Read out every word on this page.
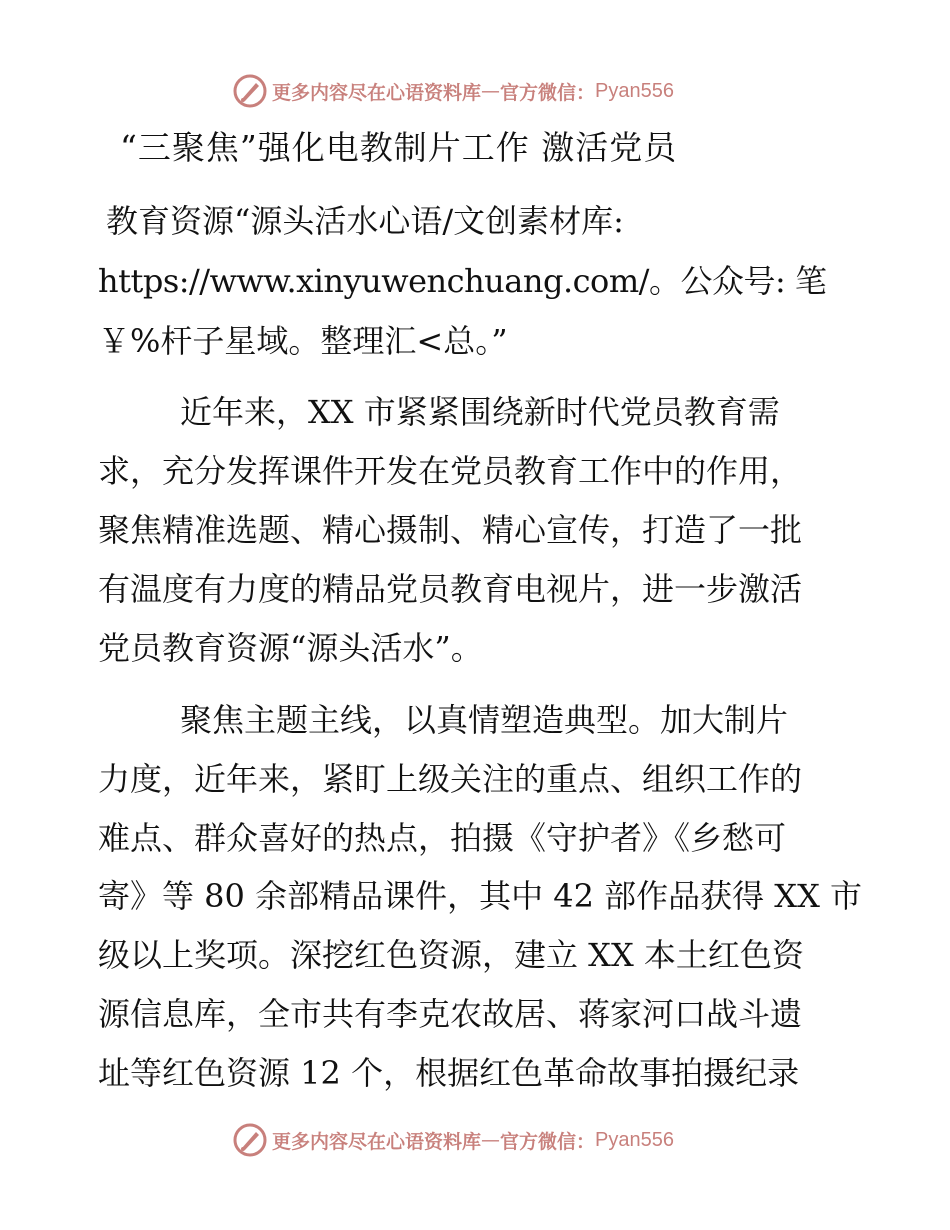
更多内容尽在心语资料库 — 官方微信： Pyan556
“三聚焦”强化电教制片工作 激活党员
教育资源“源头活水心语/文创素材库:
https://www.xinyuwenchuang.com/。公众号: 笔
￥%杆子星域。整理汇<总。”
近年来，XX 市紧紧围绕新时代党员教育需
求，充分发挥课件开发在党员教育工作中的作用，
聚焦精准选题、精心摄制、精心宣传，打造了一批
有温度有力度的精品党员教育电视片，进一步激活
党员教育资源“源头活水”。
聚焦主题主线，以真情塑造典型。加大制片
力度，近年来，紧盯上级关注的重点、组织工作的
难点、群众喜好的热点，拍摄《守护者》《乡愁可
寄》等 80 余部精品课件，其中 42 部作品获得 XX 市
级以上奖项。深挖红色资源，建立 XX 本土红色资
源信息库，全市共有李克农故居、蒋家河口战斗遗
址等红色资源 12 个，根据红色革命故事拍摄纪录
更多内容尽在心语资料库 — 官方微信： Pyan556
